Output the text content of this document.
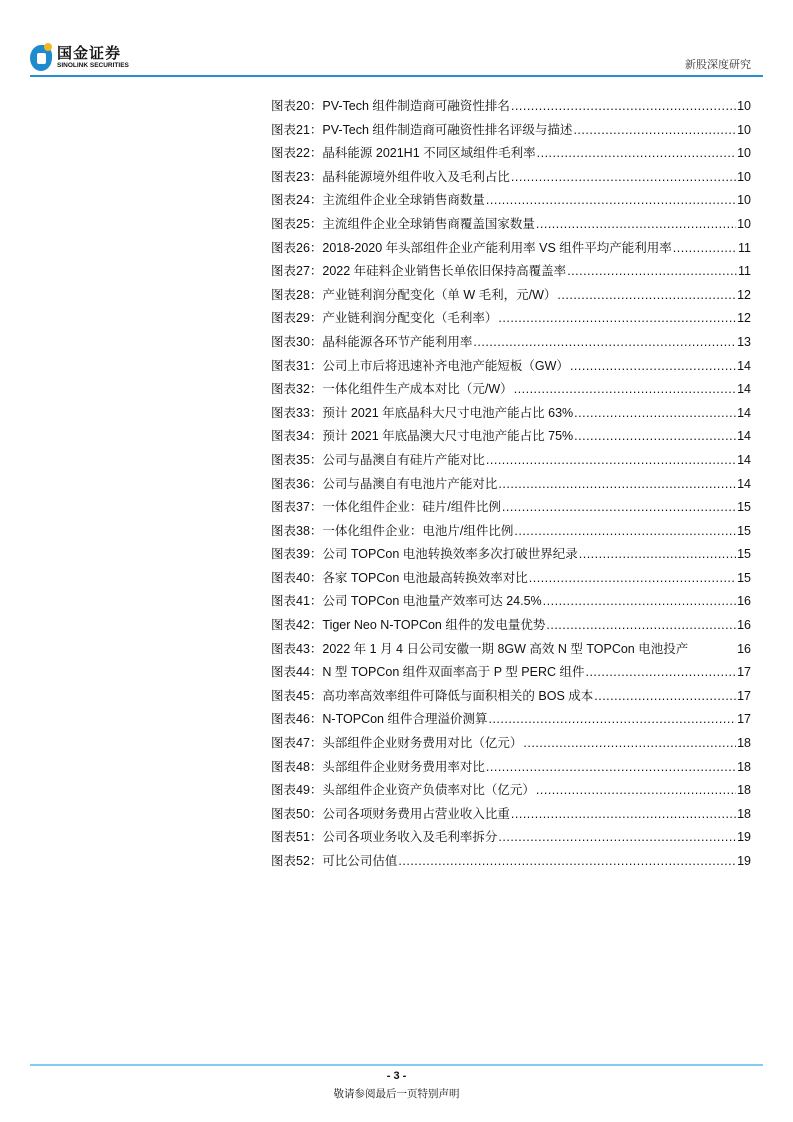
国金证券
SINOLINK SECURITIES	新股深度研究
图表20：PV-Tech 组件制造商可融资性排名 .....	10
图表21：PV-Tech 组件制造商可融资性排名评级与描述 .....	10
图表22：晶科能源 2021H1 不同区域组件毛利率 .....	10
图表23：晶科能源境外组件收入及毛利占比 .....	10
图表24：主流组件企业全球销售商数量 .....	10
图表25：主流组件企业全球销售商覆盖国家数量 .....	10
图表26：2018-2020 年头部组件企业产能利用率 VS 组件平均产能利用率 .....	11
图表27：2022 年硅料企业销售长单依旧保持高覆盖率 .....	11
图表28：产业链利润分配变化（单 W 毛利，元/W） .....	12
图表29：产业链利润分配变化（毛利率） .....	12
图表30：晶科能源各环节产能利用率 .....	13
图表31：公司上市后将迅速补齐电池产能短板（GW） .....	14
图表32：一体化组件生产成本对比（元/W） .....	14
图表33：预计 2021 年底晶科大尺寸电池产能占比 63% .....	14
图表34：预计 2021 年底晶澳大尺寸电池产能占比 75% .....	14
图表35：公司与晶澳自有硅片产能对比 .....	14
图表36：公司与晶澳自有电池片产能对比 .....	14
图表37：一体化组件企业：硅片/组件比例 .....	15
图表38：一体化组件企业：电池片/组件比例 .....	15
图表39：公司 TOPCon 电池转换效率多次打破世界纪录 .....	15
图表40：各家 TOPCon 电池最高转换效率对比 .....	15
图表41：公司 TOPCon 电池量产效率可达 24.5% .....	16
图表42：Tiger Neo N-TOPCon 组件的发电量优势 .....	16
图表43：2022 年 1 月 4 日公司安徽一期 8GW 高效 N 型 TOPCon 电池投产	16
图表44：N 型 TOPCon 组件双面率高于 P 型 PERC 组件 .....	17
图表45：高功率高效率组件可降低与面积相关的 BOS 成本 .....	17
图表46：N-TOPCon 组件合理溢价测算 .....	17
图表47：头部组件企业财务费用对比（亿元） .....	18
图表48：头部组件企业财务费用率对比 .....	18
图表49：头部组件企业资产负债率对比（亿元） .....	18
图表50：公司各项财务费用占营业收入比重 .....	18
图表51：公司各项业务收入及毛利率拆分 .....	19
图表52：可比公司估值 .....	19
- 3 -
敬请参阅最后一页特别声明
